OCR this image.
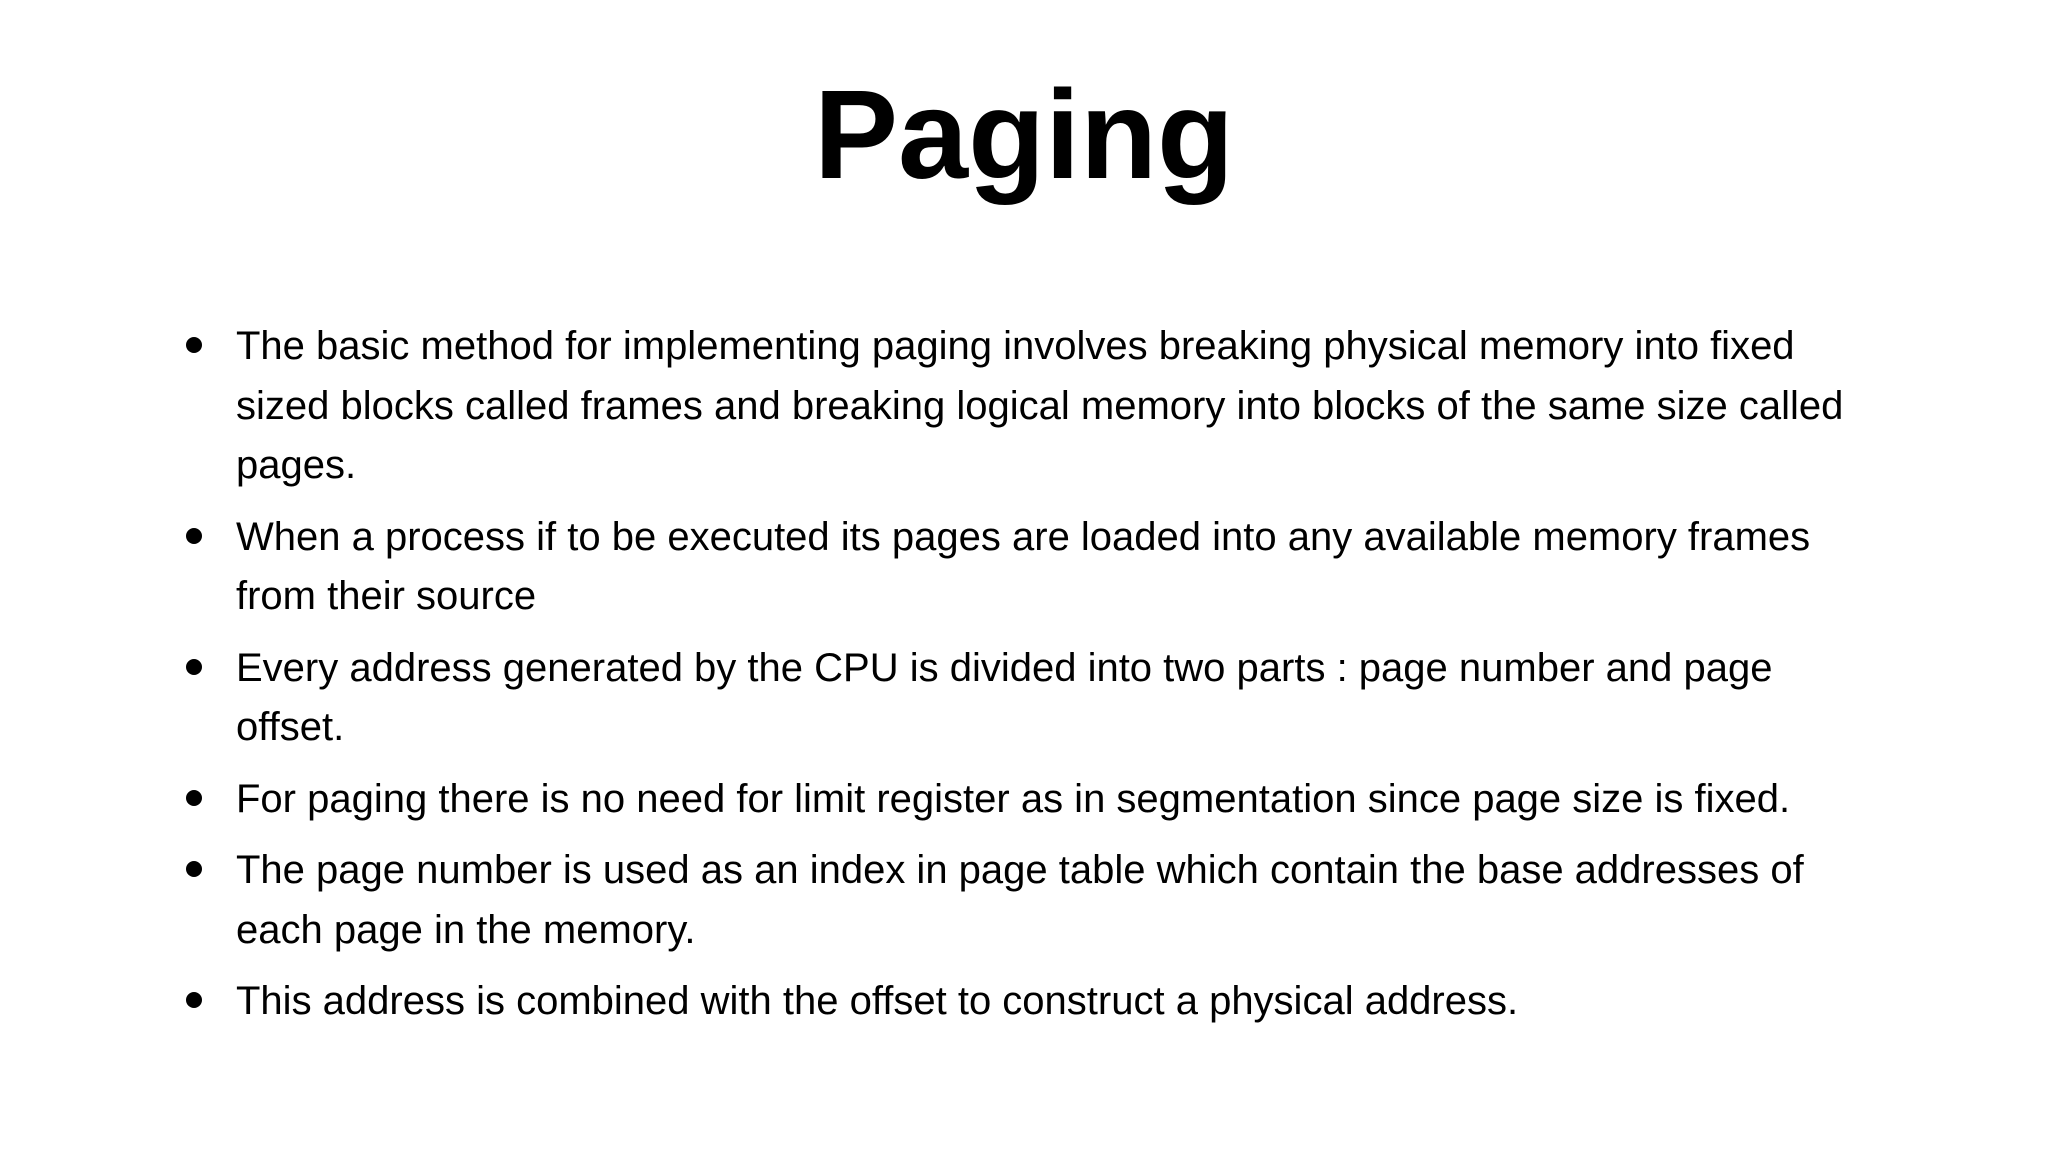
Paging
The basic method for implementing paging involves breaking physical memory into fixed sized blocks called frames and breaking logical memory into blocks of the same size called pages.
When a process if to be executed its pages are loaded into any available memory frames from their source
Every address generated by the CPU is divided into two parts : page number and page offset.
For paging there is no need for limit register as in segmentation since page size is fixed.
The page number is used as an index in page table which contain the base addresses of each page in the memory.
This address is combined with the offset to construct a physical address.
